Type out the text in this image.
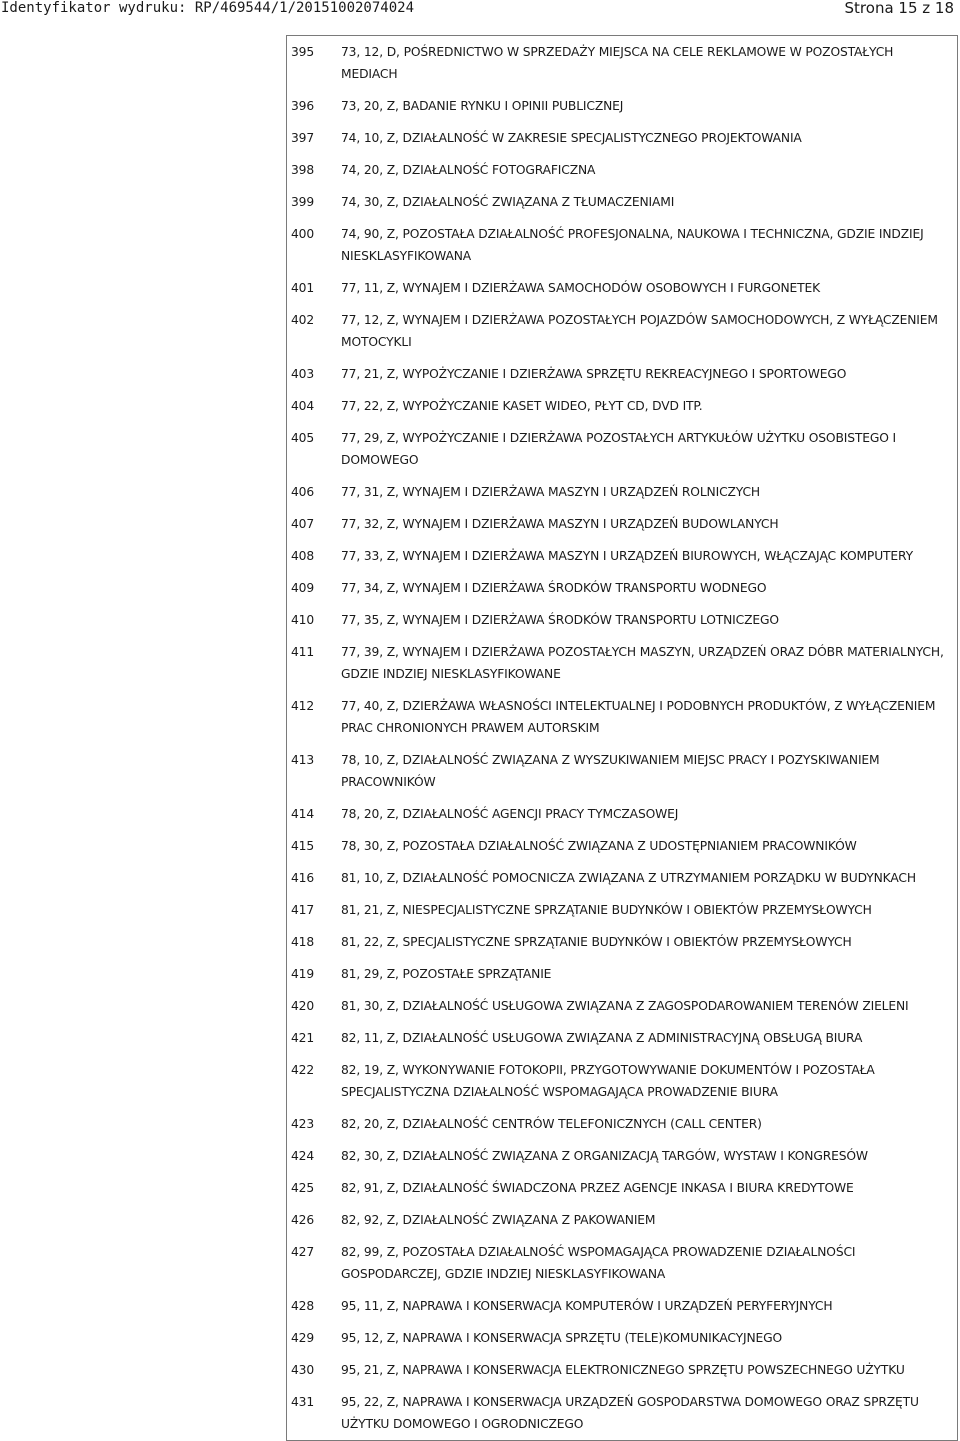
Identyfikator wydruku: RP/469544/1/20151002074024	Strona 15 z 18
395	73, 12, D, POŚREDNICTWO W SPRZEDAŻY MIEJSCA NA CELE REKLAMOWE W POZOSTAŁYCH MEDIACH
396	73, 20, Z, BADANIE RYNKU I OPINII PUBLICZNEJ
397	74, 10, Z, DZIAŁALNOŚĆ W ZAKRESIE SPECJALISTYCZNEGO PROJEKTOWANIA
398	74, 20, Z, DZIAŁALNOŚĆ FOTOGRAFICZNA
399	74, 30, Z, DZIAŁALNOŚĆ ZWIĄZANA Z TŁUMACZENIAMI
400	74, 90, Z, POZOSTAŁA DZIAŁALNOŚĆ PROFESJONALNA, NAUKOWA I TECHNICZNA, GDZIE INDZIEJ NIESKLASYFIKOWANA
401	77, 11, Z, WYNAJEM I DZIERŻAWA SAMOCHODÓW OSOBOWYCH I FURGONETEK
402	77, 12, Z, WYNAJEM I DZIERŻAWA POZOSTAŁYCH POJAZDÓW SAMOCHODOWYCH, Z WYŁĄCZENIEM MOTOCYKLI
403	77, 21, Z, WYPOŻYCZANIE I DZIERŻAWA SPRZĘTU REKREACYJNEGO I SPORTOWEGO
404	77, 22, Z, WYPOŻYCZANIE KASET WIDEO, PŁYT CD, DVD ITP.
405	77, 29, Z, WYPOŻYCZANIE I DZIERŻAWA POZOSTAŁYCH ARTYKUŁÓW UŻYTKU OSOBISTEGO I DOMOWEGO
406	77, 31, Z, WYNAJEM I DZIERŻAWA MASZYN I URZĄDZEŃ ROLNICZYCH
407	77, 32, Z, WYNAJEM I DZIERŻAWA MASZYN I URZĄDZEŃ BUDOWLANYCH
408	77, 33, Z, WYNAJEM I DZIERŻAWA MASZYN I URZĄDZEŃ BIUROWYCH, WŁĄCZAJĄC KOMPUTERY
409	77, 34, Z, WYNAJEM I DZIERŻAWA ŚRODKÓW TRANSPORTU WODNEGO
410	77, 35, Z, WYNAJEM I DZIERŻAWA ŚRODKÓW TRANSPORTU LOTNICZEGO
411	77, 39, Z, WYNAJEM I DZIERŻAWA POZOSTAŁYCH MASZYN, URZĄDZEŃ ORAZ DÓBR MATERIALNYCH, GDZIE INDZIEJ NIESKLASYFIKOWANE
412	77, 40, Z, DZIERŻAWA WŁASNOŚCI INTELEKTUALNEJ I PODOBNYCH PRODUKTÓW, Z WYŁĄCZENIEM PRAC CHRONIONYCH PRAWEM AUTORSKIM
413	78, 10, Z, DZIAŁALNOŚĆ ZWIĄZANA Z WYSZUKIWANIEM MIEJSC PRACY I POZYSKIWANIEM PRACOWNIKÓW
414	78, 20, Z, DZIAŁALNOŚĆ AGENCJI PRACY TYMCZASOWEJ
415	78, 30, Z, POZOSTAŁA DZIAŁALNOŚĆ ZWIĄZANA Z UDOSTĘPNIANIEM PRACOWNIKÓW
416	81, 10, Z, DZIAŁALNOŚĆ POMOCNICZA ZWIĄZANA Z UTRZYMANIEM PORZĄDKU W BUDYNKACH
417	81, 21, Z, NIESPECJALISTYCZNE SPRZĄTANIE BUDYNKÓW I OBIEKTÓW PRZEMYSŁOWYCH
418	81, 22, Z, SPECJALISTYCZNE SPRZĄTANIE BUDYNKÓW I OBIEKTÓW PRZEMYSŁOWYCH
419	81, 29, Z, POZOSTAŁE SPRZĄTANIE
420	81, 30, Z, DZIAŁALNOŚĆ USŁUGOWA ZWIĄZANA Z ZAGOSPODAROWANIEM TERENÓW ZIELENI
421	82, 11, Z, DZIAŁALNOŚĆ USŁUGOWA ZWIĄZANA Z ADMINISTRACYJNĄ OBSŁUGĄ BIURA
422	82, 19, Z, WYKONYWANIE FOTOKOPII, PRZYGOTOWYWANIE DOKUMENTÓW I POZOSTAŁA SPECJALISTYCZNA DZIAŁALNOŚĆ WSPOMAGAJĄCA PROWADZENIE BIURA
423	82, 20, Z, DZIAŁALNOŚĆ CENTRÓW TELEFONICZNYCH (CALL CENTER)
424	82, 30, Z, DZIAŁALNOŚĆ ZWIĄZANA Z ORGANIZACJĄ TARGÓW, WYSTAW I KONGRESÓW
425	82, 91, Z, DZIAŁALNOŚĆ ŚWIADCZONA PRZEZ AGENCJE INKASA I BIURA KREDYTOWE
426	82, 92, Z, DZIAŁALNOŚĆ ZWIĄZANA Z PAKOWANIEM
427	82, 99, Z, POZOSTAŁA DZIAŁALNOŚĆ WSPOMAGAJĄCA PROWADZENIE DZIAŁALNOŚCI GOSPODARCZEJ, GDZIE INDZIEJ NIESKLASYFIKOWANA
428	95, 11, Z, NAPRAWA I KONSERWACJA KOMPUTERÓW I URZĄDZEŃ PERYFERYJNYCH
429	95, 12, Z, NAPRAWA I KONSERWACJA SPRZĘTU (TELE)KOMUNIKACYJNEGO
430	95, 21, Z, NAPRAWA I KONSERWACJA ELEKTRONICZNEGO SPRZĘTU POWSZECHNEGO UŻYTKU
431	95, 22, Z, NAPRAWA I KONSERWACJA URZĄDZEŃ GOSPODARSTWA DOMOWEGO ORAZ SPRZĘTU UŻYTKU DOMOWEGO I OGRODNICZEGO
